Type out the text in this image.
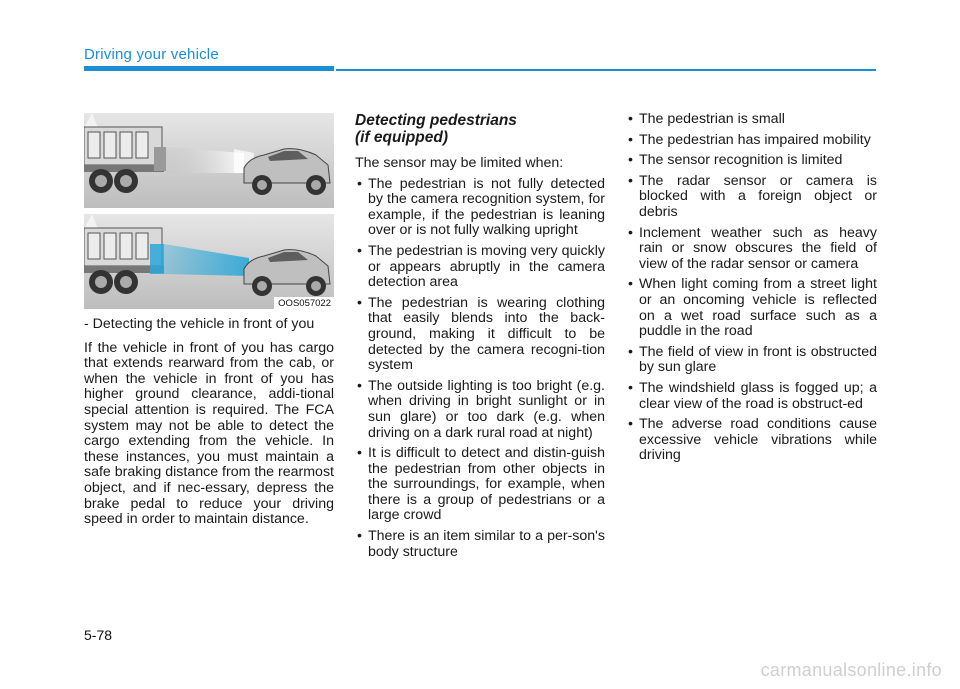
Driving your vehicle
OOS057022

- Detecting the vehicle in front of you

If the vehicle in front of you has cargo that extends rearward from the cab, or when the vehicle in front of you has higher ground clearance, addi-tional special attention is required. The FCA system may not be able to detect the cargo extending from the vehicle. In these instances, you must maintain a safe braking distance from the rearmost object, and if nec-essary, depress the brake pedal to reduce your driving speed in order to maintain distance.

Detecting pedestrians
(if equipped)

The sensor may be limited when:

• The pedestrian is not fully detected by the camera recognition system, for example, if the pedestrian is leaning over or is not fully walking upright
• The pedestrian is moving very quickly or appears abruptly in the camera detection area
• The pedestrian is wearing clothing that easily blends into the back-ground, making it difficult to be detected by the camera recogni-tion system
• The outside lighting is too bright (e.g. when driving in bright sunlight or in sun glare) or too dark (e.g. when driving on a dark rural road at night)
• It is difficult to detect and distin-guish the pedestrian from other objects in the surroundings, for example, when there is a group of pedestrians or a large crowd
• There is an item similar to a per-son's body structure
• The pedestrian is small
• The pedestrian has impaired mobility
• The sensor recognition is limited
• The radar sensor or camera is blocked with a foreign object or debris
• Inclement weather such as heavy rain or snow obscures the field of view of the radar sensor or camera
• When light coming from a street light or an oncoming vehicle is reflected on a wet road surface such as a puddle in the road
• The field of view in front is obstructed by sun glare
• The windshield glass is fogged up; a clear view of the road is obstruct-ed
• The adverse road conditions cause excessive vehicle vibrations while driving
5-78
carmanualsonline.info
